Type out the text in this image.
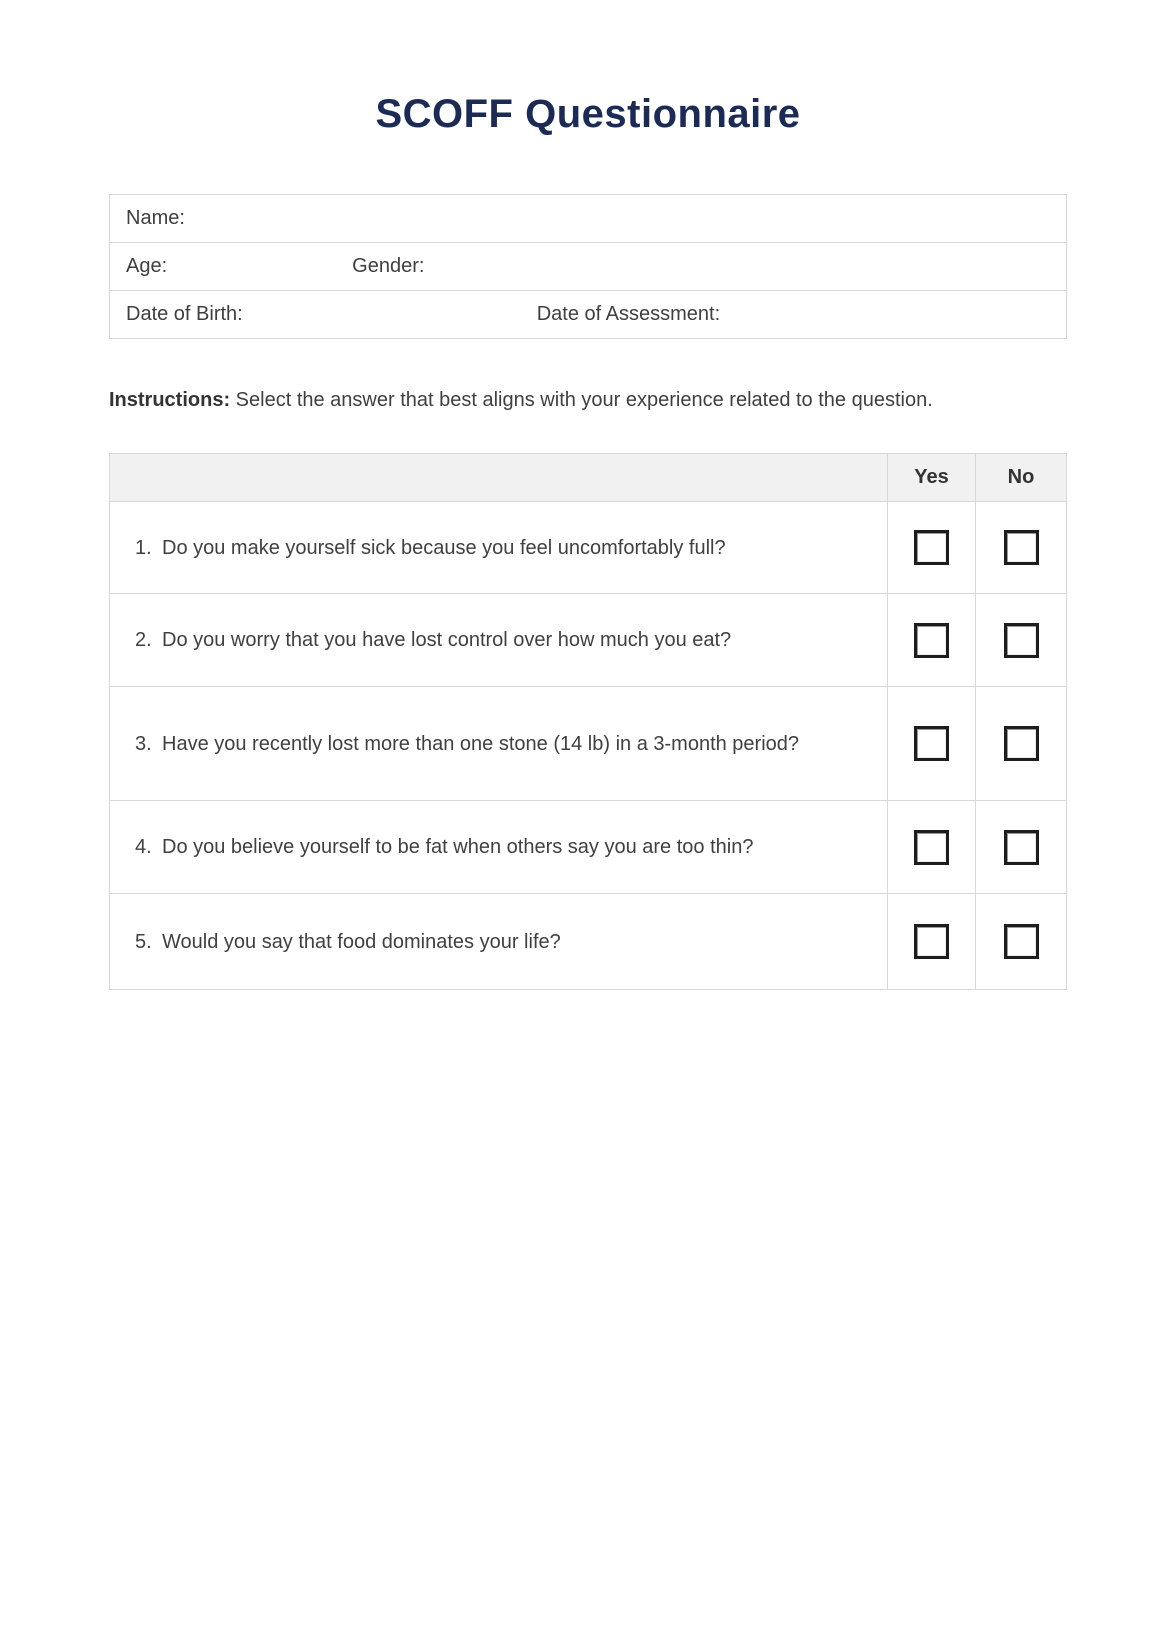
SCOFF Questionnaire
Name:

Age:	Gender:

Date of Birth:	Date of Assessment:

Instructions: Select the answer that best aligns with your experience related to the question.

	Yes	No

1. Do you make yourself sick because you feel uncomfortably full?		

2. Do you worry that you have lost control over how much you eat?		

3. Have you recently lost more than one stone (14 lb) in a 3-month period?		

4. Do you believe yourself to be fat when others say you are too thin?		

5. Would you say that food dominates your life?		
